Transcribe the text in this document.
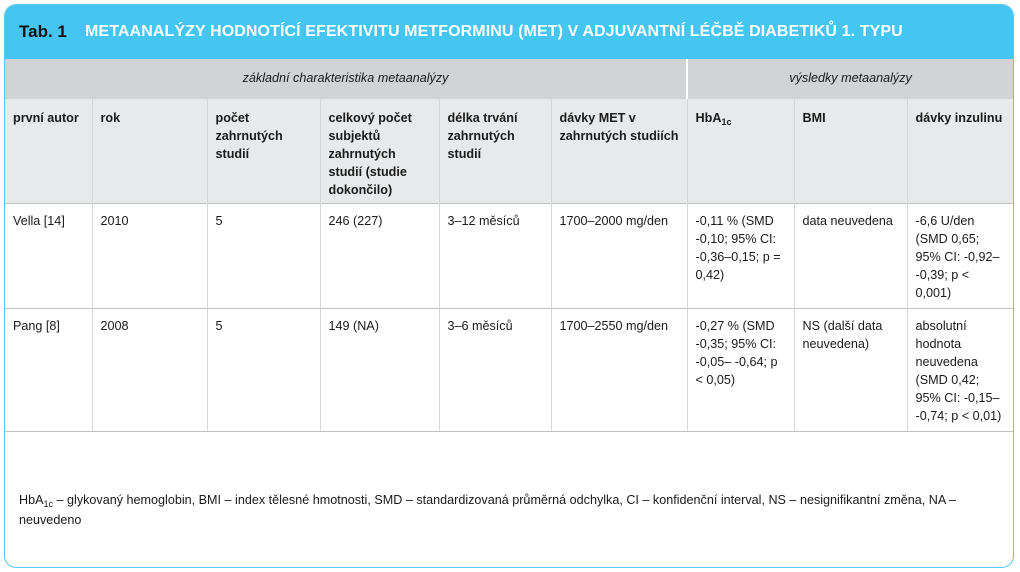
Tab. 1	METAANALÝZY HODNOTÍCÍ EFEKTIVITU METFORMINU (MET) V ADJUVANTNÍ LÉČBĚ DIABETIKŮ 1. TYPU
základní charakteristika metaanalýzy						výsledky metaanalýzy		
první autor	rok	počet zahrnutých studií	celkový počet subjektů zahrnutých studií (studie dokončilo)	délka trvání zahrnutých studií	dávky MET v zahrnutých studiích	HbA$_{1c}$	BMI	dávky inzulinu
Vella [14]	2010	5	246 (227)	3–12 měsíců	1700–2000 mg/den	-0,11 % (SMD -0,10; 95% CI: -0,36–0,15; p = 0,42)	data neuvedena	-6,6 U/den (SMD 0,65; 95% CI: -0,92– -0,39; p < 0,001)
Pang [8]	2008	5	149 (NA)	3–6 měsíců	1700–2550 mg/den	-0,27 % (SMD -0,35; 95% CI: -0,05– -0,64; p < 0,05)	NS (další data neuvedena)	absolutní hodnota neuvedena (SMD 0,42; 95% CI: -0,15– -0,74; p < 0,01)
HbA$_{1c}$ – glykovaný hemoglobin, BMI – index tělesné hmotnosti, SMD – standardizovaná průměrná odchylka, CI – konfidenční interval, NS – nesignifikantní změna, NA – neuvedeno
